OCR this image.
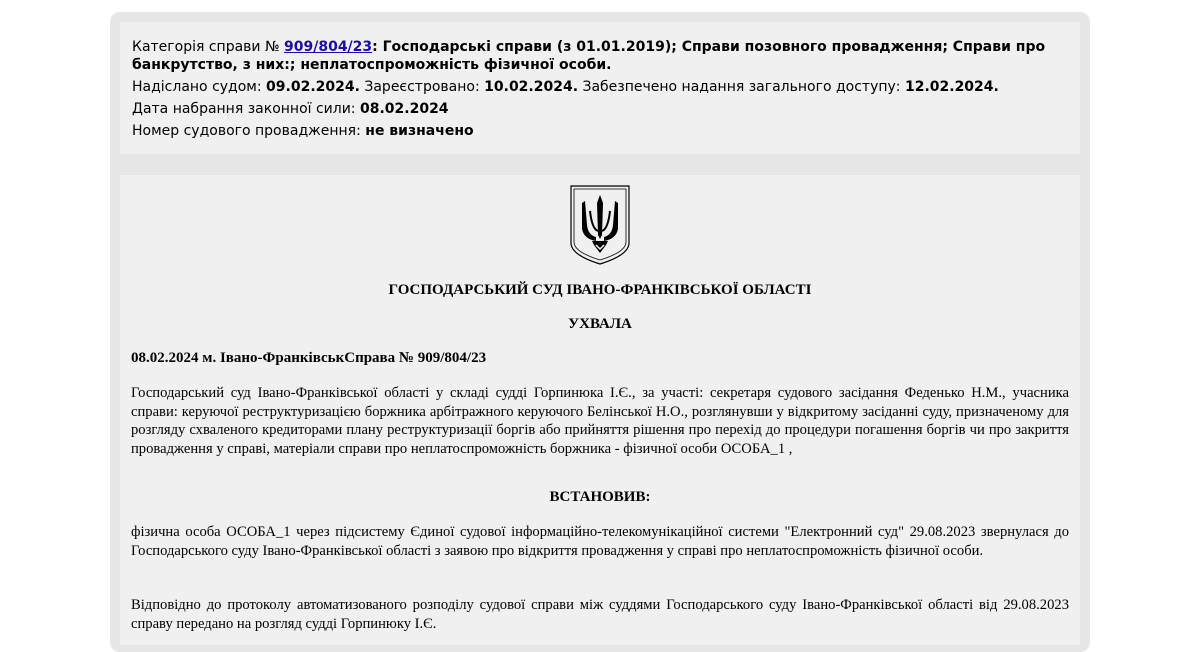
Категорія справи № 909/804/23: Господарські справи (з 01.01.2019); Справи позовного провадження; Справи про банкрутство, з них:; неплатоспроможність фізичної особи.
Надіслано судом: 09.02.2024. Зареєстровано: 10.02.2024. Забезпечено надання загального доступу: 12.02.2024.
Дата набрання законної сили: 08.02.2024
Номер судового провадження: не визначено
ГОСПОДАРСЬКИЙ СУД ІВАНО-ФРАНКІВСЬКОЇ ОБЛАСТІ
УХВАЛА
08.02.2024 м. Івано-ФранківськСправа № 909/804/23
Господарський суд Івано-Франківської області у складі судді Горпинюка І.Є., за участі: секретаря судового засідання Феденько Н.М., учасника справи: керуючої реструктуризацією боржника арбітражного керуючого Белінської Н.О., розглянувши у відкритому засіданні суду, призначеному для розгляду схваленого кредиторами плану реструктуризації боргів або прийняття рішення про перехід до процедури погашення боргів чи про закриття провадження у справі, матеріали справи про неплатоспроможність боржника - фізичної особи ОСОБА_1 ,
ВСТАНОВИВ:
фізична особа ОСОБА_1 через підсистему Єдиної судової інформаційно-телекомунікаційної системи "Електронний суд" 29.08.2023 звернулася до Господарського суду Івано-Франківської області з заявою про відкриття провадження у справі про неплатоспроможність фізичної особи.
Відповідно до протоколу автоматизованого розподілу судової справи між суддями Господарського суду Івано-Франківської області від 29.08.2023 справу передано на розгляд судді Горпинюку І.Є.
